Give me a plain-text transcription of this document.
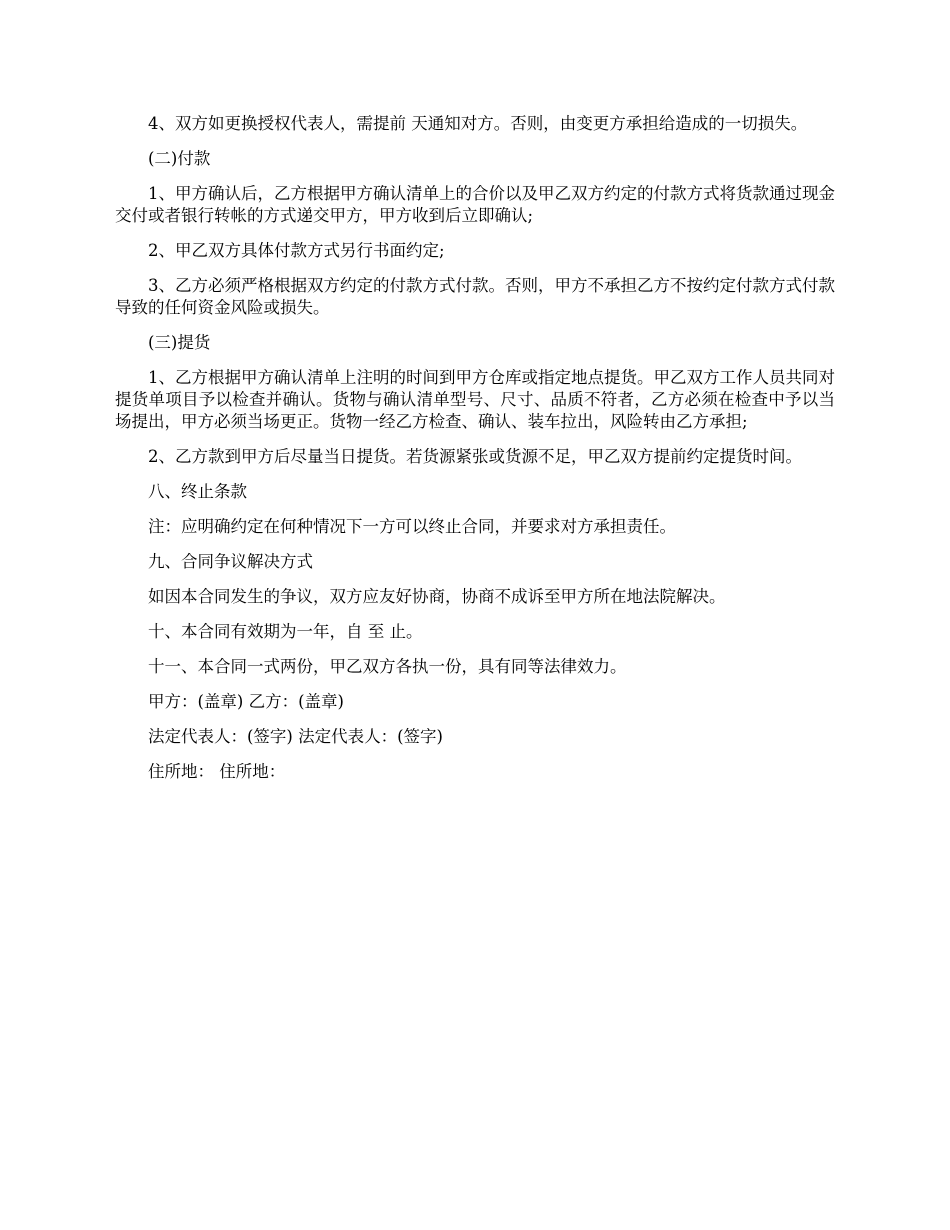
4、双方如更换授权代表人，需提前 天通知对方。否则，由变更方承担给造成的一切损失。

(二)付款

1、甲方确认后，乙方根据甲方确认清单上的合价以及甲乙双方约定的付款方式将货款通过现金交付或者银行转帐的方式递交甲方，甲方收到后立即确认;

2、甲乙双方具体付款方式另行书面约定;

3、乙方必须严格根据双方约定的付款方式付款。否则，甲方不承担乙方不按约定付款方式付款导致的任何资金风险或损失。

(三)提货

1、乙方根据甲方确认清单上注明的时间到甲方仓库或指定地点提货。甲乙双方工作人员共同对提货单项目予以检查并确认。货物与确认清单型号、尺寸、品质不符者，乙方必须在检查中予以当场提出，甲方必须当场更正。货物一经乙方检查、确认、装车拉出，风险转由乙方承担;

2、乙方款到甲方后尽量当日提货。若货源紧张或货源不足，甲乙双方提前约定提货时间。

八、终止条款

注：应明确约定在何种情况下一方可以终止合同，并要求对方承担责任。

九、合同争议解决方式

如因本合同发生的争议，双方应友好协商，协商不成诉至甲方所在地法院解决。

十、本合同有效期为一年，自 至 止。

十一、本合同一式两份，甲乙双方各执一份，具有同等法律效力。

甲方：(盖章) 乙方：(盖章)

法定代表人：(签字) 法定代表人：(签字)

住所地： 住所地：
